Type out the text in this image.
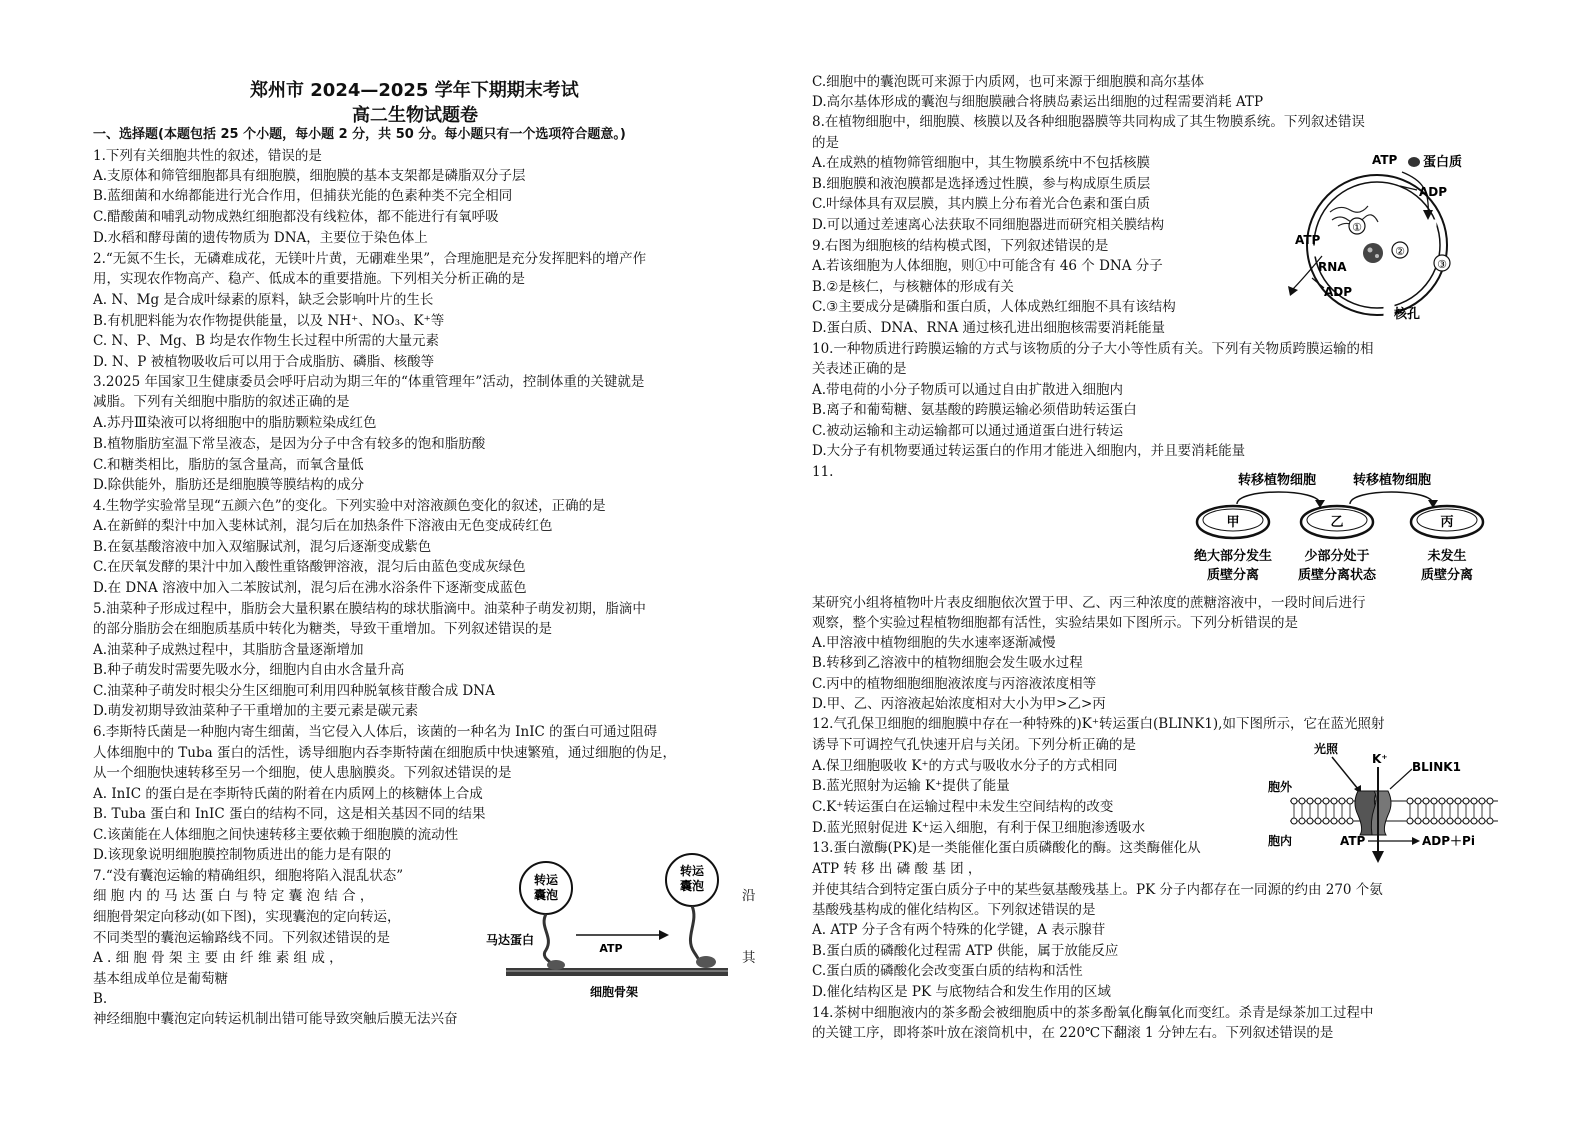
郑州市 2024—2025 学年下期期末考试
高二生物试题卷
一、选择题(本题包括 25 个小题，每小题 2 分，共 50 分。每小题只有一个选项符合题意。)
1.下列有关细胞共性的叙述，错误的是
A.支原体和筛管细胞都具有细胞膜，细胞膜的基本支架都是磷脂双分子层
B.蓝细菌和水绵都能进行光合作用，但捕获光能的色素种类不完全相同
C.醋酸菌和哺乳动物成熟红细胞都没有线粒体，都不能进行有氧呼吸
D.水稻和酵母菌的遗传物质为 DNA，主要位于染色体上
2.“无氮不生长，无磷难成花，无镁叶片黄，无硼难坐果”，合理施肥是充分发挥肥料的增产作
用，实现农作物高产、稳产、低成本的重要措施。下列相关分析正确的是
A. N、Mg 是合成叶绿素的原料，缺乏会影响叶片的生长
B.有机肥料能为农作物提供能量，以及 NH⁺、NO₃、K⁺等
C. N、P、Mg、B 均是农作物生长过程中所需的大量元素
D. N、P 被植物吸收后可以用于合成脂肪、磷脂、核酸等
3.2025 年国家卫生健康委员会呼吁启动为期三年的“体重管理年”活动，控制体重的关键就是
减脂。下列有关细胞中脂肪的叙述正确的是
A.苏丹Ⅲ染液可以将细胞中的脂肪颗粒染成红色
B.植物脂肪室温下常呈液态，是因为分子中含有较多的饱和脂肪酸
C.和糖类相比，脂肪的氢含量高，而氧含量低
D.除供能外，脂肪还是细胞膜等膜结构的成分
4.生物学实验常呈现“五颜六色”的变化。下列实验中对溶液颜色变化的叙述，正确的是
A.在新鲜的梨汁中加入斐林试剂，混匀后在加热条件下溶液由无色变成砖红色
B.在氨基酸溶液中加入双缩脲试剂，混匀后逐渐变成紫色
C.在厌氧发酵的果汁中加入酸性重铬酸钾溶液，混匀后由蓝色变成灰绿色
D.在 DNA 溶液中加入二苯胺试剂，混匀后在沸水浴条件下逐渐变成蓝色
5.油菜种子形成过程中，脂肪会大量积累在膜结构的球状脂滴中。油菜种子萌发初期，脂滴中
的部分脂肪会在细胞质基质中转化为糖类，导致干重增加。下列叙述错误的是
A.油菜种子成熟过程中，其脂肪含量逐渐增加
B.种子萌发时需要先吸水分，细胞内自由水含量升高
C.油菜种子萌发时根尖分生区细胞可利用四种脱氧核苷酸合成 DNA
D.萌发初期导致油菜种子干重增加的主要元素是碳元素
6.李斯特氏菌是一种胞内寄生细菌，当它侵入人体后，该菌的一种名为 InIC 的蛋白可通过阻碍
人体细胞中的 Tuba 蛋白的活性，诱导细胞内吞李斯特菌在细胞质中快速繁殖，通过细胞的伪足，
从一个细胞快速转移至另一个细胞，使人患脑膜炎。下列叙述错误的是
A. InIC 的蛋白是在李斯特氏菌的附着在内质网上的核糖体上合成
B. Tuba 蛋白和 InIC 蛋白的结构不同，这是相关基因不同的结果
C.该菌能在人体细胞之间快速转移主要依赖于细胞膜的流动性
D.该现象说明细胞膜控制物质进出的能力是有限的
7.“没有囊泡运输的精确组织，细胞将陷入混乱状态”
细 胞 内 的 马 达 蛋 白 与 特 定 囊 泡 结 合 ，
细胞骨架定向移动(如下图)，实现囊泡的定向转运，
不同类型的囊泡运输路线不同。下列叙述错误的是
A . 细 胞 骨 架 主 要 由 纤 维 素 组 成 ，
基本组成单位是葡萄糖
B.
神经细胞中囊泡定向转运机制出错可能导致突触后膜无法兴奋
沿
其
转运
囊泡
转运
囊泡
ATP
马达蛋白
细胞骨架
C.细胞中的囊泡既可来源于内质网，也可来源于细胞膜和高尔基体
D.高尔基体形成的囊泡与细胞膜融合将胰岛素运出细胞的过程需要消耗 ATP
8.在植物细胞中，细胞膜、核膜以及各种细胞器膜等共同构成了其生物膜系统。下列叙述错误
的是
A.在成熟的植物筛管细胞中，其生物膜系统中不包括核膜
B.细胞膜和液泡膜都是选择透过性膜，参与构成原生质层
C.叶绿体具有双层膜，其内膜上分布着光合色素和蛋白质
D.可以通过差速离心法获取不同细胞器进而研究相关膜结构
9.右图为细胞核的结构模式图，下列叙述错误的是
A.若该细胞为人体细胞，则①中可能含有 46 个 DNA 分子
B.②是核仁，与核糖体的形成有关
C.③主要成分是磷脂和蛋白质，人体成熟红细胞不具有该结构
D.蛋白质、DNA、RNA 通过核孔进出细胞核需要消耗能量
10.一种物质进行跨膜运输的方式与该物质的分子大小等性质有关。下列有关物质跨膜运输的相
关表述正确的是
A.带电荷的小分子物质可以通过自由扩散进入细胞内
B.离子和葡萄糖、氨基酸的跨膜运输必须借助转运蛋白
C.被动运输和主动运输都可以通过通道蛋白进行转运
D.大分子有机物要通过转运蛋白的作用才能进入细胞内，并且要消耗能量
11.
某研究小组将植物叶片表皮细胞依次置于甲、乙、丙三种浓度的蔗糖溶液中，一段时间后进行
观察，整个实验过程植物细胞都有活性，实验结果如下图所示。下列分析错误的是
A.甲溶液中植物细胞的失水速率逐渐减慢
B.转移到乙溶液中的植物细胞会发生吸水过程
C.丙中的植物细胞细胞液浓度与丙溶液浓度相等
D.甲、乙、丙溶液起始浓度相对大小为甲>乙>丙
12.气孔保卫细胞的细胞膜中存在一种特殊的)K⁺转运蛋白(BLINK1),如下图所示，它在蓝光照射
诱导下可调控气孔快速开启与关闭。下列分析正确的是
A.保卫细胞吸收 K⁺的方式与吸收水分子的方式相同
B.蓝光照射为运输 K⁺提供了能量
C.K⁺转运蛋白在运输过程中未发生空间结构的改变
D.蓝光照射促进 K⁺运入细胞，有利于保卫细胞渗透吸水
13.蛋白激酶(PK)是一类能催化蛋白质磷酸化的酶。这类酶催化从
ATP 转 移 出 磷 酸 基 团 ，
并使其结合到特定蛋白质分子中的某些氨基酸残基上。PK 分子内都存在一同源的约由 270 个氨
基酸残基构成的催化结构区。下列叙述错误的是
A. ATP 分子含有两个特殊的化学键，A 表示腺苷
B.蛋白质的磷酸化过程需 ATP 供能，属于放能反应
C.蛋白质的磷酸化会改变蛋白质的结构和活性
D.催化结构区是 PK 与底物结合和发生作用的区域
14.茶树中细胞液内的茶多酚会被细胞质中的茶多酚氧化酶氧化而变红。杀青是绿茶加工过程中
的关键工序，即将茶叶放在滚筒机中，在 220℃下翻滚 1 分钟左右。下列叙述错误的是
①
②
③
ATP 蛋白质
ADP
ATP
RNA
ADP
核孔
转移植物细胞	转移植物细胞
甲	乙	丙
绝大部分发生
质壁分离
少部分处于
质壁分离状态
未发生
质壁分离
光照
K⁺
BLINK1
胞外
胞内	ATP	ADP＋Pi
